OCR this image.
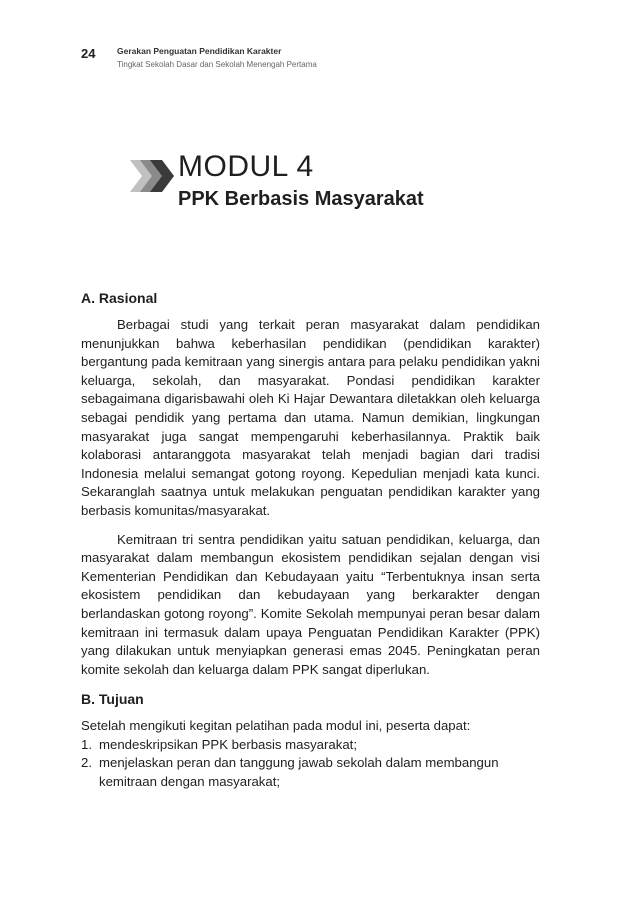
24	Gerakan Penguatan Pendidikan Karakter
Tingkat Sekolah Dasar dan Sekolah Menengah Pertama
MODUL 4
PPK Berbasis Masyarakat
A. Rasional

Berbagai studi yang terkait peran masyarakat dalam pendidikan menunjukkan bahwa keberhasilan pendidikan (pendidikan karakter) bergantung pada kemitraan yang sinergis antara para pelaku pendidikan yakni keluarga, sekolah, dan masyarakat. Pondasi pendidikan karakter sebagaimana digarisbawahi oleh Ki Hajar Dewantara diletakkan oleh keluarga sebagai pendidik yang pertama dan utama. Namun demikian, lingkungan masyarakat juga sangat mempengaruhi keberhasilannya. Praktik baik kolaborasi antaranggota masyarakat telah menjadi bagian dari tradisi Indonesia melalui semangat gotong royong. Kepedulian menjadi kata kunci. Sekaranglah saatnya untuk melakukan penguatan pendidikan karakter yang berbasis komunitas/masyarakat.

Kemitraan tri sentra pendidikan yaitu satuan pendidikan, keluarga, dan masyarakat dalam membangun ekosistem pendidikan sejalan dengan visi Kementerian Pendidikan dan Kebudayaan yaitu “Terbentuknya insan serta ekosistem pendidikan dan kebudayaan yang berkarakter dengan berlandaskan gotong royong”. Komite Sekolah mempunyai peran besar dalam kemitraan ini termasuk dalam upaya Penguatan Pendidikan Karakter (PPK) yang dilakukan untuk menyiapkan generasi emas 2045. Peningkatan peran komite sekolah dan keluarga dalam PPK sangat diperlukan.

B. Tujuan

Setelah mengikuti kegitan pelatihan pada modul ini, peserta dapat:

1. mendeskripsikan PPK berbasis masyarakat;
2. menjelaskan peran dan tanggung jawab sekolah dalam membangun kemitraan dengan masyarakat;
